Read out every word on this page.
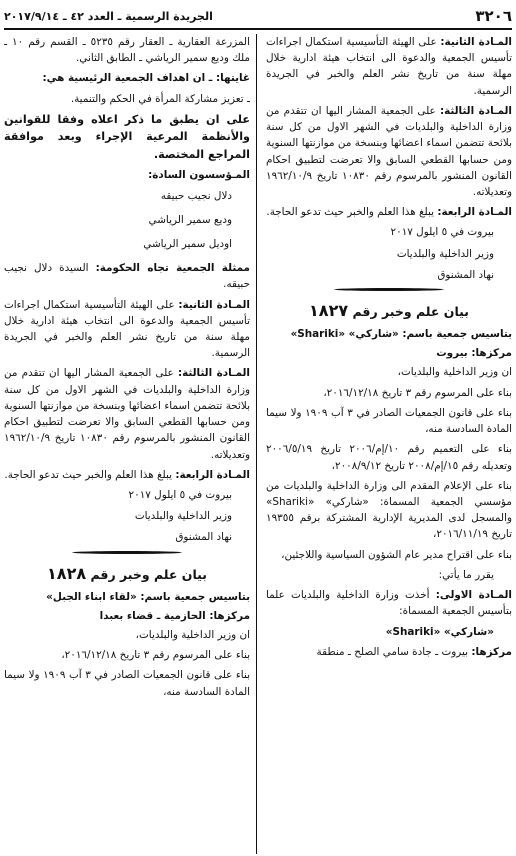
٣٢٠٦
الجريدة الرسمية ـ العدد ٤٢ ـ ٢٠١٧/٩/١٤

المـادة الثانية: على الهيئة التأسيسية استكمال اجراءات تأسيس الجمعية والدعوة الى انتخاب هيئة ادارية خلال مهلة سنة من تاريخ نشر العلم والخبر في الجريدة الرسمية.

المـادة الثالثة: على الجمعية المشار اليها ان تتقدم من وزارة الداخلية والبلديات في الشهر الاول من كل سنة بلائحة تتضمن اسماء اعضائها وبنسخة من موازنتها السنوية ومن حسابها القطعي السابق والا تعرضت لتطبيق احكام القانون المنشور بالمرسوم رقم ١٠٨٣٠ تاريخ ١٩٦٢/١٠/٩ وتعديلاته.

المـادة الرابعة: يبلغ هذا العلم والخبر حيث تدعو الحاجة.

بيروت في ٥ ايلول ٢٠١٧
وزير الداخلية والبلديات
نهاد المشنوق
بيان علم وخبر رقم ١٨٢٧
بتاسيس جمعية باسم: «شاركي» «Shariki»
مركزها: بيروت

ان وزير الداخلية والبلديات،

بناء على المرسوم رقم ٣ تاريخ ٢٠١٦/١٢/١٨،

بناء على قانون الجمعيات الصادر في ٣ آب ١٩٠٩ ولا سيما المادة السادسة منه،

بناء على التعميم رقم ١٠/إم/٢٠٠٦ تاريخ ٢٠٠٦/٥/١٩ وتعديله رقم ١٥/إم/٢٠٠٨ تاريخ ٢٠٠٨/٩/١٢،

بناء على الإعلام المقدم الى وزارة الداخلية والبلديات من مؤسسي الجمعية المسماة: «شاركي» «Shariki» والمسجل لدى المديرية الإدارية المشتركة برقم ١٩٣٥٥ تاريخ ٢٠١٦/١١/١٩،

بناء على اقتراح مدير عام الشؤون السياسية واللاجئين،

يقرر ما يأتي:

المـادة الاولى: أخذت وزارة الداخلية والبلديات علما بتأسيس الجمعية المسماة:

«شاركي» «Shariki»

مركزها: بيروت ـ جادة سامي الصلح ـ منطقة

المزرعة العقارية ـ العقار رقم ٥٢٣٥ ـ القسم رقم ١٠ ـ ملك وديع سمير الرياشي ـ الطابق الثاني.

غايتها: ـ ان اهداف الجمعية الرئيسية هي:

ـ تعزيز مشاركة المرأة في الحكم والتنمية.

على ان يطبق ما ذكر اعلاه وفقا للقوانين والأنظمة المرعية الإجراء وبعد موافقة المراجع المختصة.

المـؤسسون السادة:

دلال نجيب حبيقه
وديع سمير الرياشي
اوديل سمير الرياشي

ممثلة الجمعية تجاه الحكومة: السيدة دلال نجيب حبيقه.

المـادة الثانية: على الهيئة التأسيسية استكمال اجراءات تأسيس الجمعية والدعوة الى انتخاب هيئة ادارية خلال مهلة سنة من تاريخ نشر العلم والخبر في الجريدة الرسمية.

المـادة الثالثة: على الجمعية المشار اليها ان تتقدم من وزارة الداخلية والبلديات في الشهر الاول من كل سنة بلائحة تتضمن اسماء اعضائها وبنسخة من موازنتها السنوية ومن حسابها القطعي السابق والا تعرضت لتطبيق احكام القانون المنشور بالمرسوم رقم ١٠٨٣٠ تاريخ ١٩٦٢/١٠/٩ وتعديلاته.

المـادة الرابعة: يبلغ هذا العلم والخبر حيث تدعو الحاجة.

بيروت في ٥ ايلول ٢٠١٧
وزير الداخلية والبلديات
نهاد المشنوق
بيان علم وخبر رقم ١٨٢٨
بتاسيس جمعية باسم: «لقاء ابناء الجبل»
مركزها: الحازمية ـ قضاء بعبدا

ان وزير الداخلية والبلديات،

بناء على المرسوم رقم ٣ تاريخ ٢٠١٦/١٢/١٨،

بناء على قانون الجمعيات الصادر في ٣ آب ١٩٠٩ ولا سيما المادة السادسة منه،
